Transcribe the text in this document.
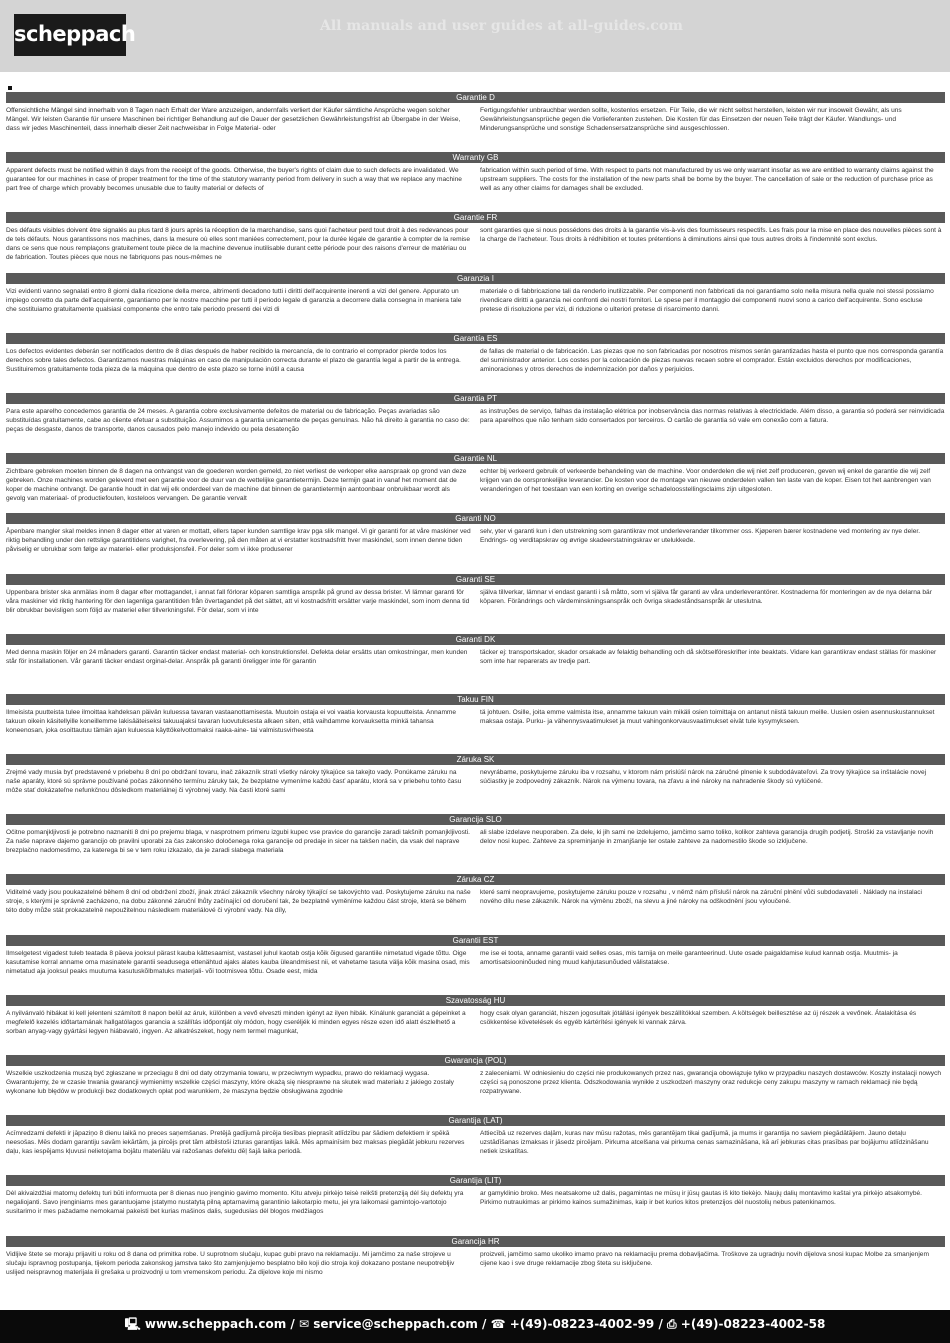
scheppach	All manuals and user guides at all-guides.com
Garantie D
Offensichtliche Mängel sind innerhalb von 8 Tagen nach Erhalt der Ware anzuzeigen, andernfalls verliert der Käufer sämtliche Ansprüche wegen solcher Mängel. Wir leisten Garantie für unsere Maschinen bei richtiger Behandlung auf die Dauer der gesetzlichen Gewährleistungsfrist ab Übergabe in der Weise, dass wir jedes Maschinenteil, dass innerhalb dieser Zeit nachweisbar in Folge Material- oder
Fertigungsfehler unbrauchbar werden sollte, kostenlos ersetzen. Für Teile, die wir nicht selbst herstellen, leisten wir nur insoweit Gewähr, als uns Gewährleistungsansprüche gegen die Vorlieferanten zustehen. Die Kosten für das Einsetzen der neuen Teile trägt der Käufer. Wandlungs- und Minderungsansprüche und sonstige Schadensersatzansprüche sind ausgeschlossen.
Warranty GB
Apparent defects must be notified within 8 days from the receipt of the goods. Otherwise, the buyer's rights of claim due to such defects are invalidated. We guarantee for our machines in case of proper treatment for the time of the statutory warranty period from delivery in such a way that we replace any machine part free of charge which provably becomes unusable due to faulty material or defects of
fabrication within such period of time. With respect to parts not manufactured by us we only warrant insofar as we are entitled to warranty claims against the upstream suppliers. The costs for the installation of the new parts shall be borne by the buyer. The cancellation of sale or the reduction of purchase price as well as any other claims for damages shall be excluded.
Garantie FR
Des défauts visibles doivent être signalés au plus tard 8 jours après la réception de la marchandise, sans quoi l'acheteur perd tout droit à des redevances pour de tels défauts. Nous garantissons nos machines, dans la mesure où elles sont maniées correctement, pour la durée légale de garantie à compter de la remise dans ce sens que nous remplaçons gratuitement toute pièce de la machine devenue inutilisable durant cette période pour des raisons d'erreur de matériau ou de fabrication. Toutes pièces que nous ne fabriquons pas nous-mêmes ne
sont garanties que si nous possédons des droits à la garantie vis-à-vis des fournisseurs respectifs. Les frais pour la mise en place des nouvelles pièces sont à la charge de l'acheteur. Tous droits à rédhibition et toutes prétentions à diminutions ainsi que tous autres droits à l'indemnité sont exclus.
Garanzia I
Vizi evidenti vanno segnalati entro 8 giorni dalla ricezione della merce, altrimenti decadono tutti i diritti dell'acquirente inerenti a vizi del genere. Appurato un impiego corretto da parte dell'acquirente, garantiamo per le nostre macchine per tutti il periodo legale di garanzia a decorrere dalla consegna in maniera tale che sostituiamo gratuitamente qualsiasi componente che entro tale periodo presenti dei vizi di
materiale o di fabbricazione tali da renderlo inutilizzabile. Per componenti non fabbricati da noi garantiamo solo nella misura nella quale noi stessi possiamo rivendicare diritti a garanzia nei confronti dei nostri fornitori. Le spese per il montaggio dei componenti nuovi sono a carico dell'acquirente. Sono escluse pretese di risoluzione per vizi, di riduzione o ulteriori pretese di risarcimento danni.
Garantía ES
Los defectos evidentes deberán ser notificados dentro de 8 días después de haber recibido la mercancía, de lo contrario el comprador pierde todos los derechos sobre tales defectos. Garantizamos nuestras máquinas en caso de manipulación correcta durante el plazo de garantía legal a partir de la entrega. Sustituiremos gratuitamente toda pieza de la máquina que dentro de este plazo se torne inútil a causa
de fallas de material o de fabricación. Las piezas que no son fabricadas por nosotros mismos serán garantizadas hasta el punto que nos corresponda garantía del suministrador anterior. Los costes por la colocación de piezas nuevas recaen sobre el comprador. Están excluidos derechos por modificaciones, aminoraciones y otros derechos de indemnización por daños y perjuicios.
Garantia PT
Para este aparelho concedemos garantia de 24 meses. A garantia cobre exclusivamente defeitos de material ou de fabricação. Peças avariadas são substituídas gratuitamente, cabe ao cliente efetuar a substituição. Assumimos a garantia unicamente de peças genuínas. Não há direito à garantia no caso de: peças de desgaste, danos de transporte, danos causados pelo manejo indevido ou pela desatenção
as instruções de serviço, falhas da instalação elétrica por inobservância das normas relativas à electricidade. Além disso, a garantia só poderá ser reinvidicada para aparelhos que não tenham sido consertados por terceiros. O cartão de garantia só vale em conexão com a fatura.
Garantie NL
Zichtbare gebreken moeten binnen de 8 dagen na ontvangst van de goederen worden gemeld, zo niet verliest de verkoper elke aanspraak op grond van deze gebreken. Onze machines worden geleverd met een garantie voor de duur van de wettelijke garantietermijn. Deze termijn gaat in vanaf het moment dat de koper de machine ontvangt. De garantie houdt in dat wij elk onderdeel van de machine dat binnen de garantietermijn aantoonbaar onbruikbaar wordt als gevolg van materiaal- of productiefouten, kosteloos vervangen. De garantie vervalt
echter bij verkeerd gebruik of verkeerde behandeling van de machine. Voor onderdelen die wij niet zelf produceren, geven wij enkel de garantie die wij zelf krijgen van de oorspronkelijke leverancier. De kosten voor de montage van nieuwe onderdelen vallen ten laste van de koper. Eisen tot het aanbrengen van veranderingen of het toestaan van een korting en overige schadeloosstellingsclaims zijn uitgesloten.
Garanti NO
Åpenbare mangler skal meldes innen 8 dager etter at varen er mottatt, ellers taper kunden samtlige krav pga slik mangel. Vi gir garanti for at våre maskiner ved riktig behandling under den rettslige garantitidens varighet, fra overlevering, på den måten at vi erstatter kostnadsfritt hver maskindel, som innen denne tiden påviselig er ubrukbar som følge av materiel- eller produksjonsfeil. For deler som vi ikke produserer
selv, yter vi garanti kun i den utstrekning som garantikrav mot underleverandør tilkommer oss. Kjøperen bærer kostnadene ved montering av nye deler. Endrings- og verditapskrav og øvrige skadeerstatningskrav er utelukkede.
Garanti SE
Uppenbara brister ska anmälas inom 8 dagar efter mottagandet, i annat fall förlorar köparen samtliga anspråk på grund av dessa brister. Vi lämnar garanti för våra maskiner vid riktig hantering för den lagenliga garantitiden från övertagandet på det sättet, att vi kostnadsfritt ersätter varje maskindel, som inom denna tid blir obrukbar bevisligen som följd av materiel eller tillverkningsfel. För delar, som vi inte
själva tillverkar, lämnar vi endast garanti i så måtto, som vi själva får garanti av våra underleverantörer. Kostnaderna för monteringen av de nya delarna bär köparen. Förändrings och värdeminskningsanspråk och övriga skadeståndsanspråk är uteslutna.
Garanti DK
Med denna maskin följer en 24 månaders garanti. Garantin täcker endast material- och konstruktionsfel. Defekta delar ersätts utan omkostningar, men kunden står för installationen. Vår garanti täcker endast orginal-delar. Anspråk på garanti öreligger inte för garantin
täcker ej: transportskador, skador orsakade av felaktig behandling och då skötselföreskrifter inte beaktats. Vidare kan garantikrav endast ställas för maskiner som inte har reparerats av tredje part.
Takuu FIN
Ilmeisista puutteista tulee ilmoittaa kahdeksan päivän kuluessa tavaran vastaanottamisesta. Muutoin ostaja ei voi vaatia korvausta kopuutteista. Annamme takuun oikein käsitellyille koneillemme lakisääteiseksi takuuajaksi tavaran luovutuksesta alkaen siten, että vaihdamme korvauksetta minkä tahansa koneenosan, joka osoittautuu tämän ajan kuluessa käyttökelvottomaksi raaka-aine- tai valmistusvirheesta
tä johtuen. Osille, joita emme valmista itse, annamme takuun vain mikäli osien toimittaja on antanut niistä takuun meille. Uusien osien asennuskustannukset maksaa ostaja. Purku- ja vähennysvaatimukset ja muut vahingonkorvausvaatimukset eivät tule kysymykseen.
Záruka SK
Zrejmé vady musia byť predstavené v priebehu 8 dní po obdržaní tovaru, inač zákazník stratí všetky nároky týkajúce sa takejto vady. Ponúkame záruku na naše aparáty, ktoré sú správne používané počas zákonného termínu záruky tak, že bezplatne vymeníme každú časť aparátu, ktorá sa v priebehu tohto času môže stať dokázateľne nefunkčnou dôsledkom materiálnej či výrobnej vady. Na časti ktoré sami
nevyrábame, poskytujeme záruku iba v rozsahu, v ktorom nám prislúší nárok na záručné plnenie k subdodávateľovi. Za trovy týkajúce sa inštalácie novej súčiastky je zodpovedný zákazník. Nárok na výmenu tovara, na zľavu a iné nároky na nahradenie škody sú vylúčené.
Garancija SLO
Očitne pomanjkljivosti je potrebno naznaniti 8 dni po prejemu blaga, v nasprotnem primeru izgubi kupec vse pravice do garancije zaradi takšnih pomanjkljivosti. Za naše naprave dajemo garancijo ob pravilni uporabi za čas zakonsko določenega roka garancije od predaje in sicer na takšen način, da vsak del naprave brezplačno nadomestimo, za katerega bi se v tem roku izkazalo, da je zaradi slabega materiala
ali slabe izdelave neuporaben. Za dele, ki jih sami ne izdelujemo, jamčimo samo toliko, kolikor zahteva garancija drugih podjetij. Stroški za vstavljanje novih delov nosi kupec. Zahteve za spreminjanje in zmanjšanje ter ostale zahteve za nadomestilo škode so izključene.
Záruka CZ
Viditelné vady jsou poukazatelné během 8 dní od obdržení zboží, jinak ztrácí zákazník všechny nároky týkající se takovýchto vad. Poskytujeme záruku na naše stroje, s kterými je správně zacházeno, na dobu zákonné záruční lhůty začínající od doručení tak, že bezplatně vyměníme každou část stroje, která se během této doby může stát prokazatelně nepoužitelnou následkem materiálové či výrobní vady. Na díly,
které sami neopravujeme, poskytujeme záruku pouze v rozsahu , v němž nám přísluší nárok na záruční plnění vůči subdodavateli . Náklady na instalaci nového dílu nese zákazník. Nárok na výměnu zboží, na slevu a jiné nároky na odškodnění jsou vyloučené.
Garantii EST
Ilmselgetest vigadest tuleb teatada 8 päeva jooksul pärast kauba kättesaamist, vastasel juhul kaotab ostja kõik õigused garantiile nimetatud vigade tõttu. Oige kasutamise korral anname oma masinatele garantii seadusega ettenähtud ajaks alates kauba üleandmisest nii, et vahetame tasuta välja kõik masina osad, mis nimetatud aja jooksul peaks muutuma kasutuskõlbmatuks materjali- või tootmisvea tõttu. Osade eest, mida
me ise ei toota, anname garantii vaid selles osas, mis tarnija on meile garanteerinud. Uute osade paigaldamise kulud kannab ostja. Muutmis- ja amortisatsiooninõuded ning muud kahjutasunõuded välistatakse.
Szavatosság HU
A nyilvánvaló hibákat ki kell jelenteni számított 8 napon belül az áruk, különben a vevő elveszti minden igényt az ilyen hibák. Kínálunk garanciát a gépeinket a megfelelő kezelés időtartamának hallgatólagos garancia a szállítás időpontját oly módon, hogy cseréljék ki minden egyes része ezen idő alatt észlelhető a sorban anyag-vagy gyártási legyen hiábavaló, ingyen. Az alkatrészeket, hogy nem termel magunkat,
hogy csak olyan garanciát, hiszen jogosultak jótállási igények beszállítókkal szemben. A költségek beillesztése az új részek a vevőnek. Átalakítása és csökkentése követelések és egyéb kártérítési igények ki vannak zárva.
Gwarancja (POL)
Wszelkie uszkodzenia muszą być zgłaszane w przeciągu 8 dni od daty otrzymania towaru, w przeciwnym wypadku, prawo do reklamacji wygasa. Gwarantujemy, że w czasie trwania gwarancji wymienimy wszelkie części maszyny, które okażą się niesprawne na skutek wad materiału z jakiego zostały wykonane lub błędów w produkcji bez dodatkowych opłat pod warunkiem, że maszyna będzie obsługiwana zgodnie
z zaleceniami. W odniesieniu do części nie produkowanych przez nas, gwarancja obowiązuje tylko w przypadku naszych dostawców. Koszty instalacji nowych części są ponoszone przez klienta. Odszkodowania wynikłe z uszkodzeń maszyny oraz redukcje ceny zakupu maszyny w ramach reklamacji nie będą rozpatrywane.
Garantija (LAT)
Acīmredzami defekti ir jāpaziņo 8 dienu laikā no preces saņemšanas. Pretējā gadījumā pircēja tiesības pieprasīt atlīdzību par šādiem defektiem ir spēkā neesošas. Mēs dodam garantiju savām iekārtām, ja pircējs pret tām atbilstoši izturas garantijas laikā. Mēs apmainīsim bez maksas piegādāt jebkuru rezerves daļu, kas iespējams kļuvusi nelietojama bojātu materiālu vai ražošanas defektu dēļ šajā laika periodā.
Attiecībā uz rezerves daļām, kuras nav mūsu ražotas, mēs garantējam tikai gadījumā, ja mums ir garantija no saviem piegādātājiem. Jauno detaļu uzstādīšanas izmaksas ir jāsedz pircējam. Pirkuma atcelšana vai pirkuma cenas samazināšana, kā arī jebkuras citas prasības par bojājumu atlīdzināšanu netiek izskatītas.
Garantija (LIT)
Dėl akivaizdžiai matomų defektų turi būti informuota per 8 dienas nuo įrenginio gavimo momento. Kitu atveju pirkėjo teisė reikšti pretenziją dėl šių defektų yra negaliojanti. Savo įrenginiams mes garantuojame įstatymo nustatytą pilną aptarnavimą garantinio laikotarpio metu, jei yra laikomasi gamintojo-vartotojo susitarimo ir mes pažadame nemokamai pakeisti bet kurias mašinos dalis, sugedusias dėl blogos medžiagos
ar gamyklinio broko. Mes neatsakome už dalis, pagamintas ne mūsų ir jūsų gautas iš kito tiekėjo. Naujų dalių montavimo kaštai yra pirkėjo atsakomybė. Pirkimo nutraukimas ar pirkimo kainos sumažinimas, kaip ir bet kurios kitos pretenzijos dėl nuostolių nebus patenkinamos.
Garancija HR
Vidljive štete se moraju prijaviti u roku od 8 dana od primitka robe. U suprotnom slučaju, kupac gubi pravo na reklamaciju. Mi jamčimo za naše strojeve u slučaju ispravnog postupanja, tijekom perioda zakonskog jamstva tako što zamjenjujemo besplatno bilo koji dio stroja koji dokazano postane neupotrebljiv uslijed neispravnog materijala ili grešaka u proizvodnji u tom vremenskom periodu. Za dijelove koje mi nismo
proizveli, jamčimo samo ukoliko imamo pravo na reklamaciju prema dobavljačima. Troškove za ugradnju novih dijelova snosi kupac Molbe za smanjenjem cijene kao i sve druge reklamacije zbog šteta su isključene.
🖳 www.scheppach.com / ✉ service@scheppach.com / ☎ +(49)-08223-4002-99 / ⎙ +(49)-08223-4002-58
